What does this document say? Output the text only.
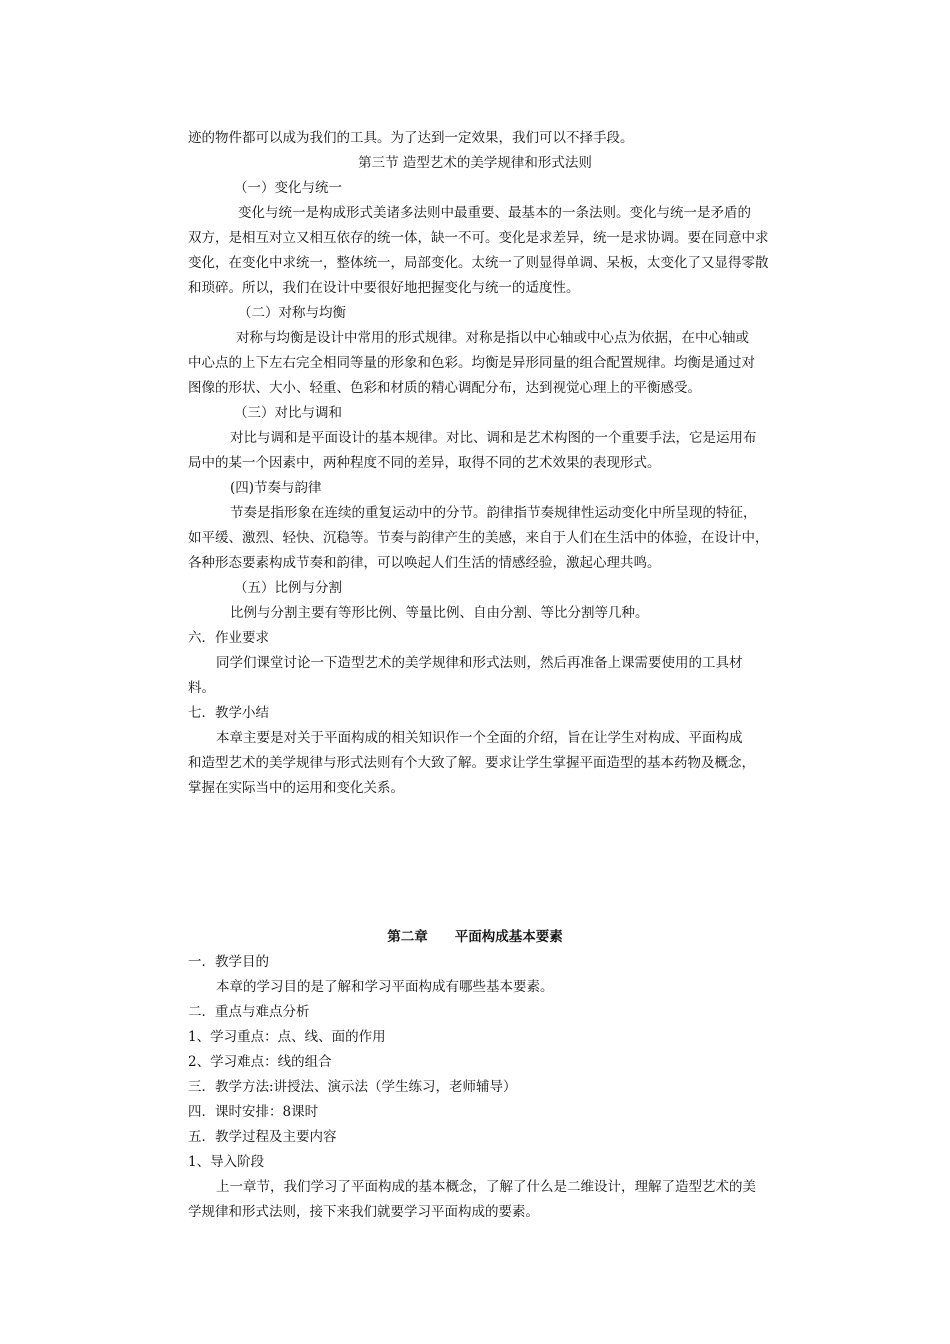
迹的物件都可以成为我们的工具。为了达到一定效果，我们可以不择手段。
第三节 造型艺术的美学规律和形式法则
（一）变化与统一
变化与统一是构成形式美诸多法则中最重要、最基本的一条法则。变化与统一是矛盾的
双方，是相互对立又相互依存的统一体，缺一不可。变化是求差异，统一是求协调。要在同意中求
变化，在变化中求统一，整体统一，局部变化。太统一了则显得单调、呆板，太变化了又显得零散
和琐碎。所以，我们在设计中要很好地把握变化与统一的适度性。
（二）对称与均衡
对称与均衡是设计中常用的形式规律。对称是指以中心轴或中心点为依据，在中心轴或
中心点的上下左右完全相同等量的形象和色彩。均衡是异形同量的组合配置规律。均衡是通过对
图像的形状、大小、轻重、色彩和材质的精心调配分布，达到视觉心理上的平衡感受。
（三）对比与调和
对比与调和是平面设计的基本规律。对比、调和是艺术构图的一个重要手法，它是运用布
局中的某一个因素中，两种程度不同的差异，取得不同的艺术效果的表现形式。
(四)节奏与韵律
节奏是指形象在连续的重复运动中的分节。韵律指节奏规律性运动变化中所呈现的特征，
如平缓、激烈、轻快、沉稳等。节奏与韵律产生的美感，来自于人们在生活中的体验，在设计中，
各种形态要素构成节奏和韵律，可以唤起人们生活的情感经验，激起心理共鸣。
（五）比例与分割
比例与分割主要有等形比例、等量比例、自由分割、等比分割等几种。
六．作业要求
同学们课堂讨论一下造型艺术的美学规律和形式法则，然后再准备上课需要使用的工具材
料。
七．教学小结
本章主要是对关于平面构成的相关知识作一个全面的介绍，旨在让学生对构成、平面构成
和造型艺术的美学规律与形式法则有个大致了解。要求让学生掌握平面造型的基本药物及概念，
掌握在实际当中的运用和变化关系。
第二章　　平面构成基本要素
一．教学目的
本章的学习目的是了解和学习平面构成有哪些基本要素。
二．重点与难点分析
1、学习重点：点、线、面的作用
2、学习难点：线的组合
三．教学方法:讲授法、演示法（学生练习，老师辅导）
四．课时安排：8课时
五．教学过程及主要内容
1、导入阶段
上一章节，我们学习了平面构成的基本概念，了解了什么是二维设计，理解了造型艺术的美
学规律和形式法则，接下来我们就要学习平面构成的要素。
